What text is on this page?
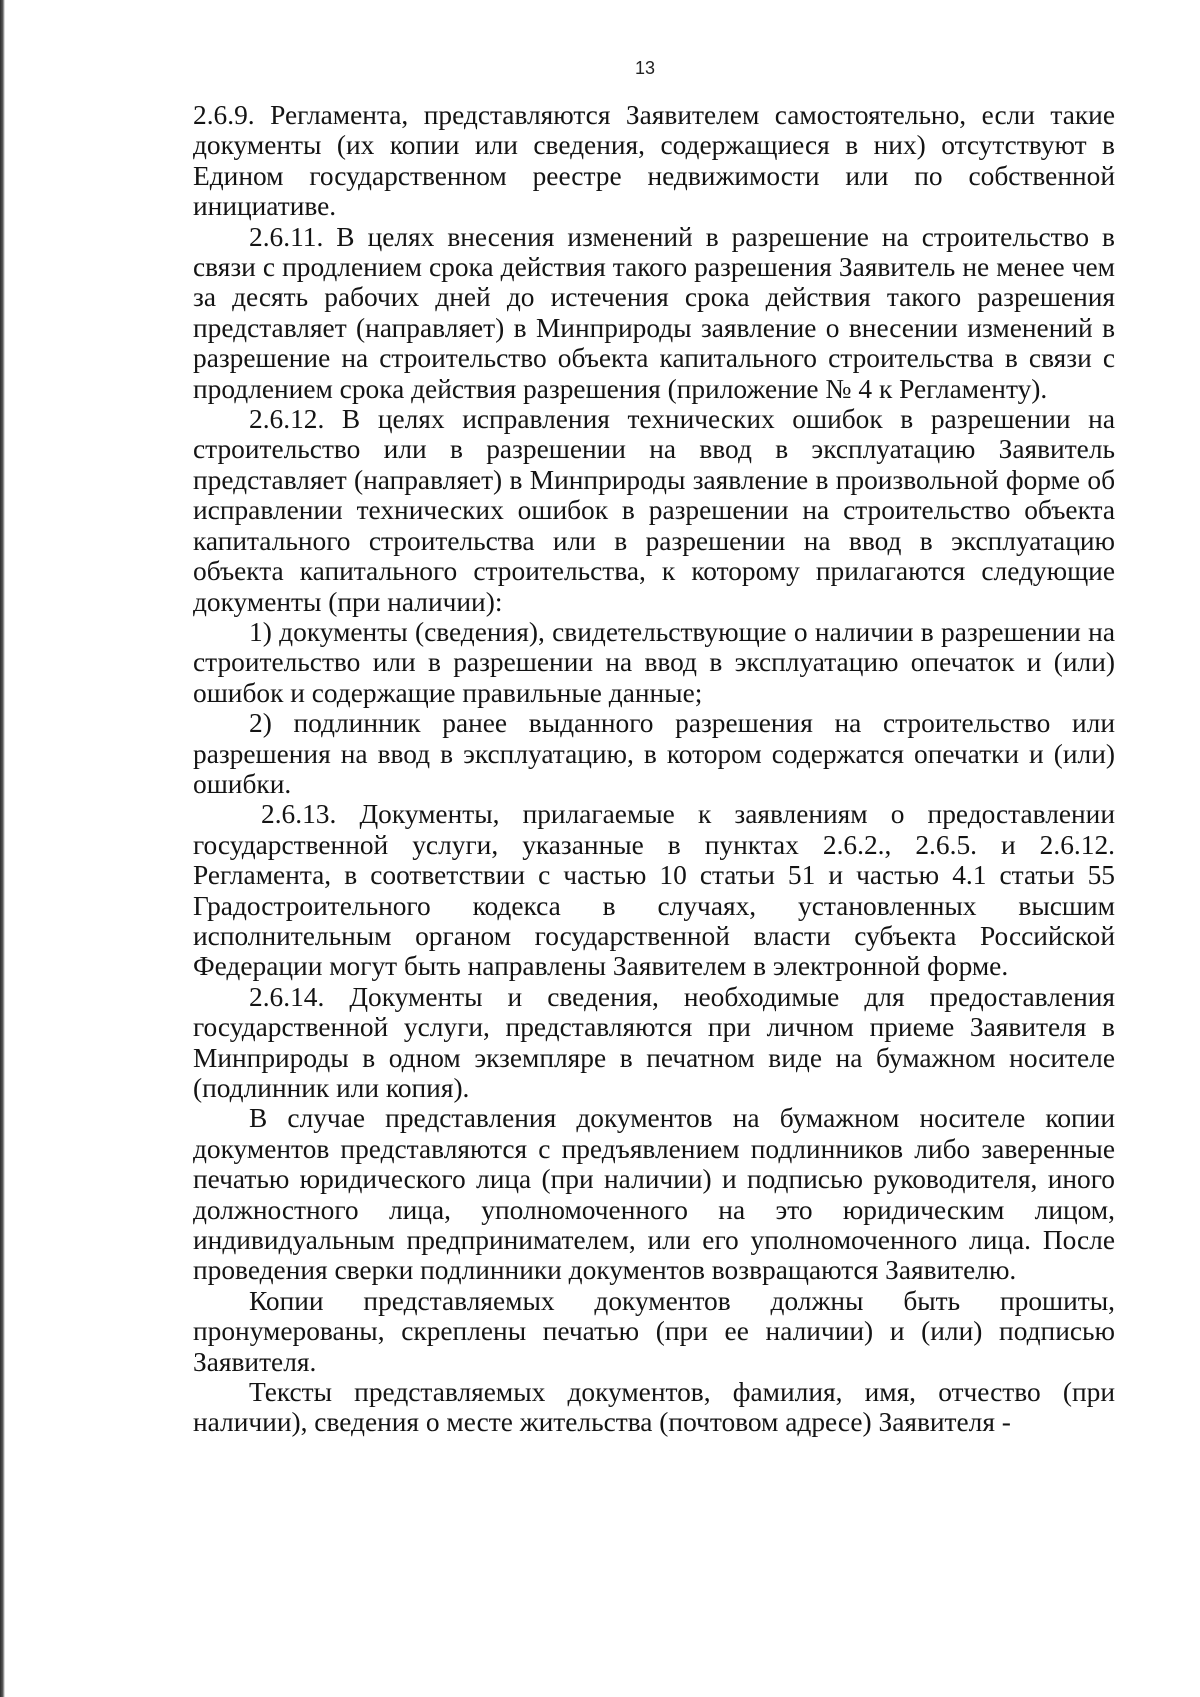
13

2.6.9. Регламента, представляются Заявителем самостоятельно, если такие документы (их копии или сведения, содержащиеся в них) отсутствуют в Едином государственном реестре недвижимости или по собственной инициативе.

2.6.11. В целях внесения изменений в разрешение на строительство в связи с продлением срока действия такого разрешения Заявитель не менее чем за десять рабочих дней до истечения срока действия такого разрешения представляет (направляет) в Минприроды заявление о внесении изменений в разрешение на строительство объекта капитального строительства в связи с продлением срока действия разрешения (приложение № 4 к Регламенту).

2.6.12. В целях исправления технических ошибок в разрешении на строительство или в разрешении на ввод в эксплуатацию Заявитель представляет (направляет) в Минприроды заявление в произвольной форме об исправлении технических ошибок в разрешении на строительство объекта капитального строительства или в разрешении на ввод в эксплуатацию объекта капитального строительства, к которому прилагаются следующие документы (при наличии):

1) документы (сведения), свидетельствующие о наличии в разрешении на строительство или в разрешении на ввод в эксплуатацию опечаток и (или) ошибок и содержащие правильные данные;

2) подлинник ранее выданного разрешения на строительство или разрешения на ввод в эксплуатацию, в котором содержатся опечатки и (или) ошибки.

2.6.13. Документы, прилагаемые к заявлениям о предоставлении государственной услуги, указанные в пунктах 2.6.2., 2.6.5. и 2.6.12. Регламента, в соответствии с частью 10 статьи 51 и частью 4.1 статьи 55 Градостроительного кодекса в случаях, установленных высшим исполнительным органом государственной власти субъекта Российской Федерации могут быть направлены Заявителем в электронной форме.

2.6.14. Документы и сведения, необходимые для предоставления государственной услуги, представляются при личном приеме Заявителя в Минприроды в одном экземпляре в печатном виде на бумажном носителе (подлинник или копия).

В случае представления документов на бумажном носителе копии документов представляются с предъявлением подлинников либо заверенные печатью юридического лица (при наличии) и подписью руководителя, иного должностного лица, уполномоченного на это юридическим лицом, индивидуальным предпринимателем, или его уполномоченного лица. После проведения сверки подлинники документов возвращаются Заявителю.

Копии представляемых документов должны быть прошиты, пронумерованы, скреплены печатью (при ее наличии) и (или) подписью Заявителя.

Тексты представляемых документов, фамилия, имя, отчество (при наличии), сведения о месте жительства (почтовом адресе) Заявителя -
